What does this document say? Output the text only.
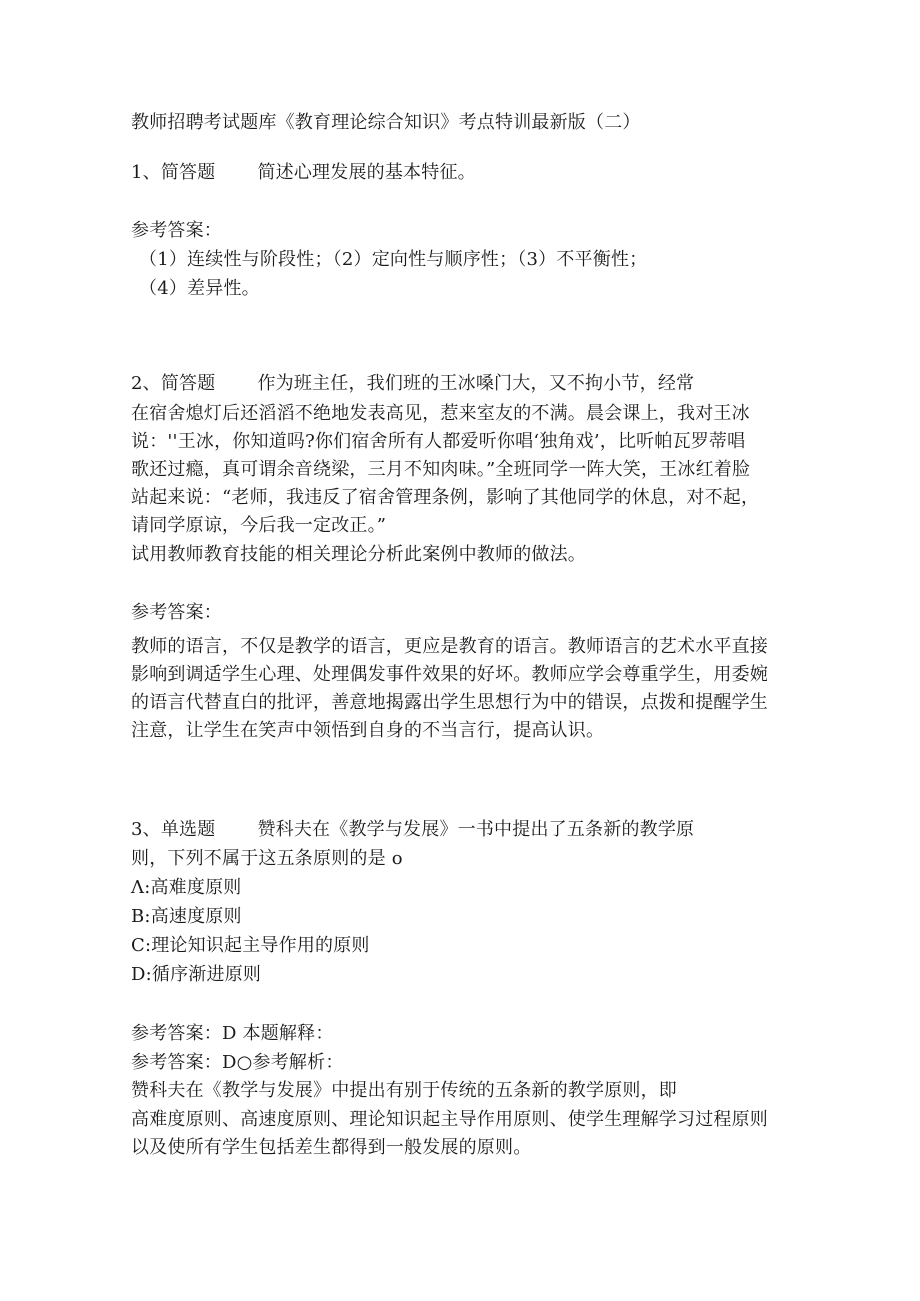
教师招聘考试题库《教育理论综合知识》考点特训最新版（二）
1、简答题 简述心理发展的基本特征。
参考答案：
（1）连续性与阶段性；（2）定向性与顺序性；（3）不平衡性；
（4）差异性。
2、简答题 作为班主任，我们班的王冰嗓门大，又不拘小节，经常
在宿舍熄灯后还滔滔不绝地发表高见，惹来室友的不满。晨会课上，我对王冰
说：''王冰，你知道吗?你们宿舍所有人都爱听你唱‘独角戏’，比听帕瓦罗蒂唱
歌还过瘾，真可谓余音绕梁，三月不知肉味。”全班同学一阵大笑，王冰红着脸
站起来说：“老师，我违反了宿舍管理条例，影响了其他同学的休息，对不起，
请同学原谅，今后我一定改正。”
试用教师教育技能的相关理论分析此案例中教师的做法。
参考答案：
教师的语言，不仅是教学的语言，更应是教育的语言。教师语言的艺术水平直接
影响到调适学生心理、处理偶发事件效果的好坏。教师应学会尊重学生，用委婉
的语言代替直白的批评，善意地揭露出学生思想行为中的错误，点拨和提醒学生
注意，让学生在笑声中领悟到自身的不当言行，提高认识。
3、单选题 赞科夫在《教学与发展》一书中提出了五条新的教学原
则，下列不属于这五条原则的是 o
Λ:高难度原则
B:高速度原则
C:理论知识起主导作用的原则
D:循序渐进原则
参考答案：D 本题解释：
参考答案：D○参考解析：
赞科夫在《教学与发展》中提出有别于传统的五条新的教学原则，即
高难度原则、高速度原则、理论知识起主导作用原则、使学生理解学习过程原则
以及使所有学生包括差生都得到一般发展的原则。
